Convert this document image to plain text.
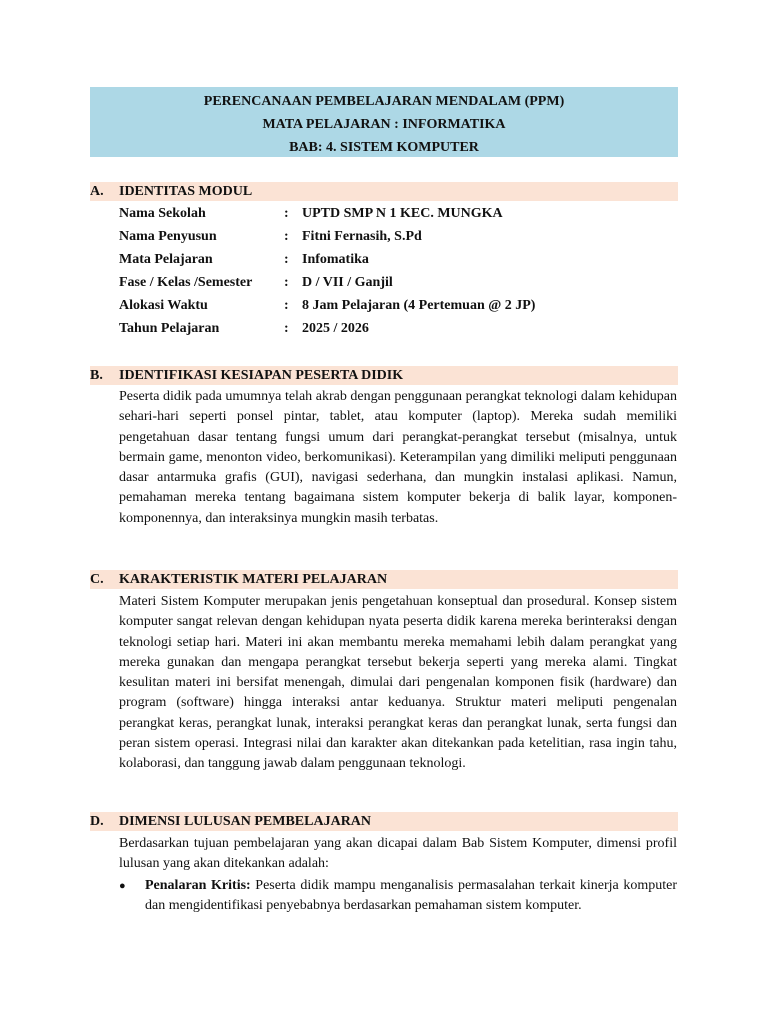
PERENCANAAN PEMBELAJARAN MENDALAM (PPM)
MATA PELAJARAN : INFORMATIKA
BAB: 4. SISTEM KOMPUTER
A. IDENTITAS MODUL
Nama Sekolah	: UPTD SMP N 1 KEC. MUNGKA
Nama Penyusun	: Fitni Fernasih, S.Pd
Mata Pelajaran	: Infomatika
Fase / Kelas /Semester : D / VII / Ganjil
Alokasi Waktu	: 8 Jam Pelajaran (4 Pertemuan @ 2 JP)
Tahun Pelajaran	: 2025 / 2026
B. IDENTIFIKASI KESIAPAN PESERTA DIDIK
Peserta didik pada umumnya telah akrab dengan penggunaan perangkat teknologi dalam kehidupan sehari-hari seperti ponsel pintar, tablet, atau komputer (laptop). Mereka sudah memiliki pengetahuan dasar tentang fungsi umum dari perangkat-perangkat tersebut (misalnya, untuk bermain game, menonton video, berkomunikasi). Keterampilan yang dimiliki meliputi penggunaan dasar antarmuka grafis (GUI), navigasi sederhana, dan mungkin instalasi aplikasi. Namun, pemahaman mereka tentang bagaimana sistem komputer bekerja di balik layar, komponen-komponennya, dan interaksinya mungkin masih terbatas.
C. KARAKTERISTIK MATERI PELAJARAN
Materi Sistem Komputer merupakan jenis pengetahuan konseptual dan prosedural. Konsep sistem komputer sangat relevan dengan kehidupan nyata peserta didik karena mereka berinteraksi dengan teknologi setiap hari. Materi ini akan membantu mereka memahami lebih dalam perangkat yang mereka gunakan dan mengapa perangkat tersebut bekerja seperti yang mereka alami. Tingkat kesulitan materi ini bersifat menengah, dimulai dari pengenalan komponen fisik (hardware) dan program (software) hingga interaksi antar keduanya. Struktur materi meliputi pengenalan perangkat keras, perangkat lunak, interaksi perangkat keras dan perangkat lunak, serta fungsi dan peran sistem operasi. Integrasi nilai dan karakter akan ditekankan pada ketelitian, rasa ingin tahu, kolaborasi, dan tanggung jawab dalam penggunaan teknologi.
D. DIMENSI LULUSAN PEMBELAJARAN
Berdasarkan tujuan pembelajaran yang akan dicapai dalam Bab Sistem Komputer, dimensi profil lulusan yang akan ditekankan adalah:
● Penalaran Kritis: Peserta didik mampu menganalisis permasalahan terkait kinerja komputer dan mengidentifikasi penyebabnya berdasarkan pemahaman sistem komputer.
